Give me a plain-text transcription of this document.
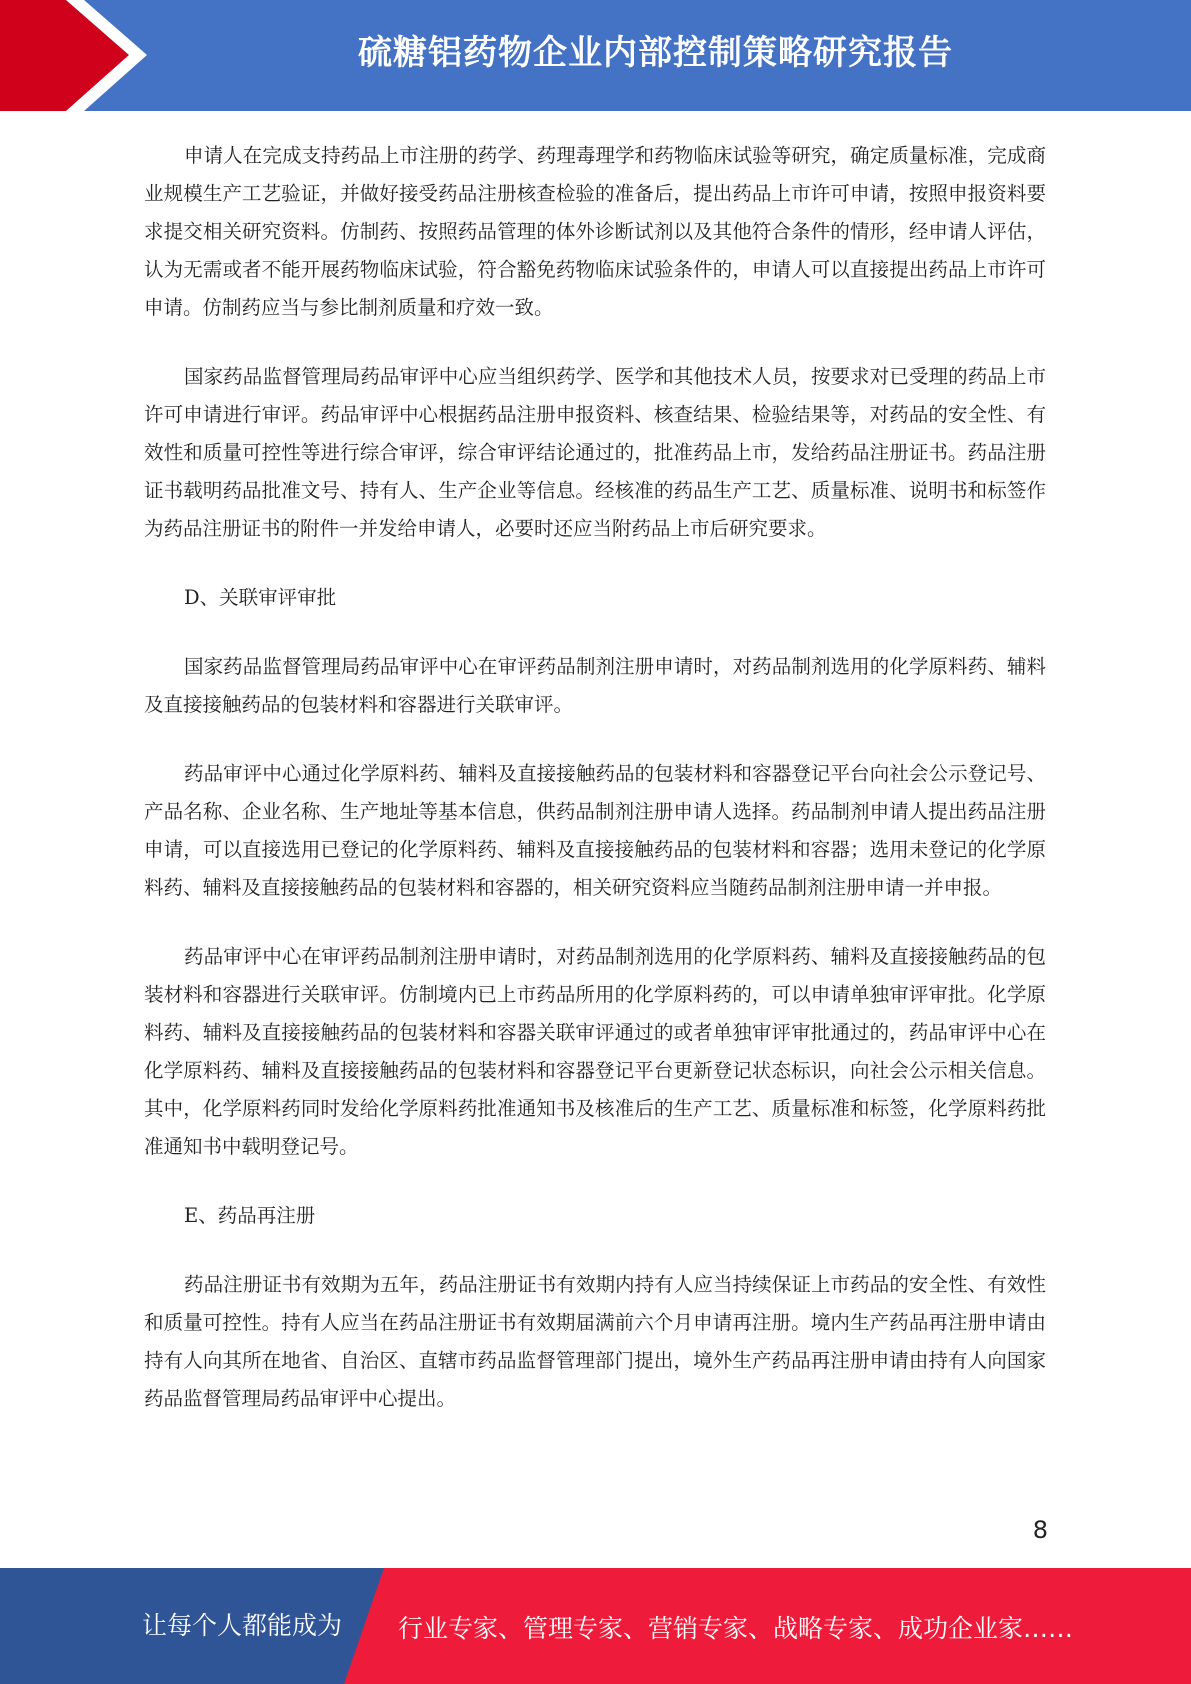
硫糖铝药物企业内部控制策略研究报告

申请人在完成支持药品上市注册的药学、药理毒理学和药物临床试验等研究，确定质量标准，完成商业规模生产工艺验证，并做好接受药品注册核查检验的准备后，提出药品上市许可申请，按照申报资料要求提交相关研究资料。仿制药、按照药品管理的体外诊断试剂以及其他符合条件的情形，经申请人评估，认为无需或者不能开展药物临床试验，符合豁免药物临床试验条件的，申请人可以直接提出药品上市许可申请。仿制药应当与参比制剂质量和疗效一致。

国家药品监督管理局药品审评中心应当组织药学、医学和其他技术人员，按要求对已受理的药品上市许可申请进行审评。药品审评中心根据药品注册申报资料、核查结果、检验结果等，对药品的安全性、有效性和质量可控性等进行综合审评，综合审评结论通过的，批准药品上市，发给药品注册证书。药品注册证书载明药品批准文号、持有人、生产企业等信息。经核准的药品生产工艺、质量标准、说明书和标签作为药品注册证书的附件一并发给申请人，必要时还应当附药品上市后研究要求。

D、关联审评审批

国家药品监督管理局药品审评中心在审评药品制剂注册申请时，对药品制剂选用的化学原料药、辅料及直接接触药品的包装材料和容器进行关联审评。

药品审评中心通过化学原料药、辅料及直接接触药品的包装材料和容器登记平台向社会公示登记号、产品名称、企业名称、生产地址等基本信息，供药品制剂注册申请人选择。药品制剂申请人提出药品注册申请，可以直接选用已登记的化学原料药、辅料及直接接触药品的包装材料和容器；选用未登记的化学原料药、辅料及直接接触药品的包装材料和容器的，相关研究资料应当随药品制剂注册申请一并申报。

药品审评中心在审评药品制剂注册申请时，对药品制剂选用的化学原料药、辅料及直接接触药品的包装材料和容器进行关联审评。仿制境内已上市药品所用的化学原料药的，可以申请单独审评审批。化学原料药、辅料及直接接触药品的包装材料和容器关联审评通过的或者单独审评审批通过的，药品审评中心在化学原料药、辅料及直接接触药品的包装材料和容器登记平台更新登记状态标识，向社会公示相关信息。其中，化学原料药同时发给化学原料药批准通知书及核准后的生产工艺、质量标准和标签，化学原料药批准通知书中载明登记号。

E、药品再注册

药品注册证书有效期为五年，药品注册证书有效期内持有人应当持续保证上市药品的安全性、有效性和质量可控性。持有人应当在药品注册证书有效期届满前六个月申请再注册。境内生产药品再注册申请由持有人向其所在地省、自治区、直辖市药品监督管理部门提出，境外生产药品再注册申请由持有人向国家药品监督管理局药品审评中心提出。

8
让每个人都能成为 行业专家、管理专家、营销专家、战略专家、成功企业家……
